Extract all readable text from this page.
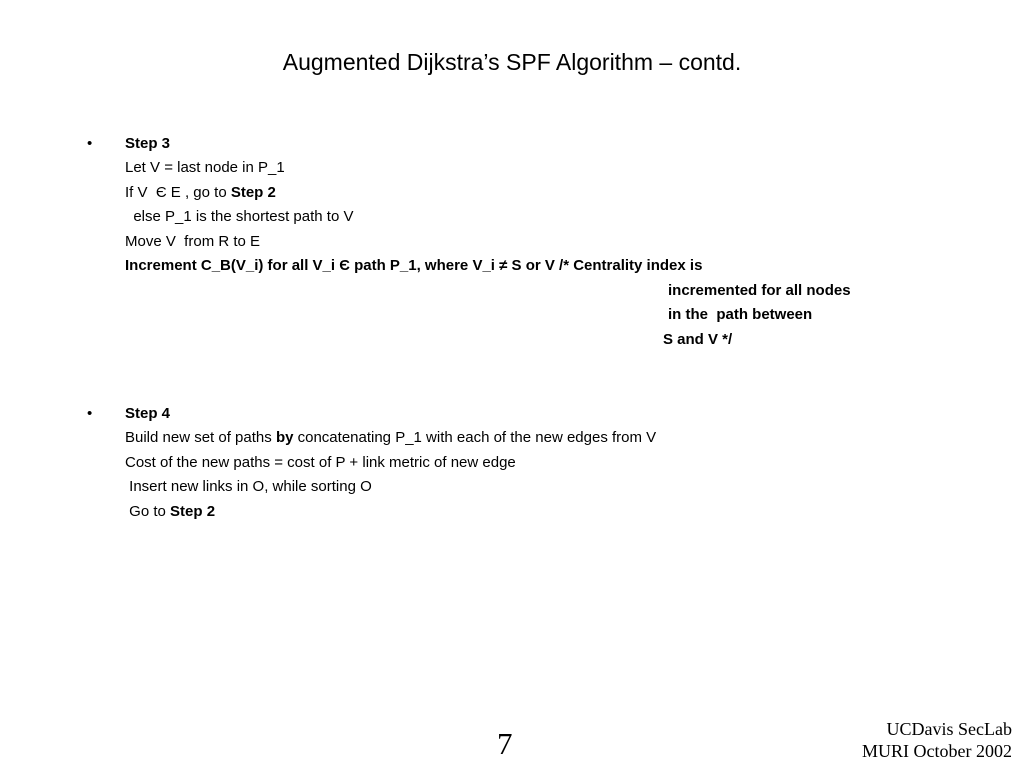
Augmented Dijkstra’s SPF Algorithm – contd.
• Step 3
Let V = last node in P_1
If V  Є E , go to Step 2
else P_1 is the shortest path to V
Move V  from R to E
Increment C_B(V_i) for all V_i Є path P_1, where V_i ≠ S or V /* Centrality index is
incremented for all nodes
in the  path between
S and V */
• Step 4
Build new set of paths by concatenating P_1 with each of the new edges from V
Cost of the new paths = cost of P + link metric of new edge
Insert new links in O, while sorting O
Go to Step 2
7	UCDavis SecLab
MURI October 2002
